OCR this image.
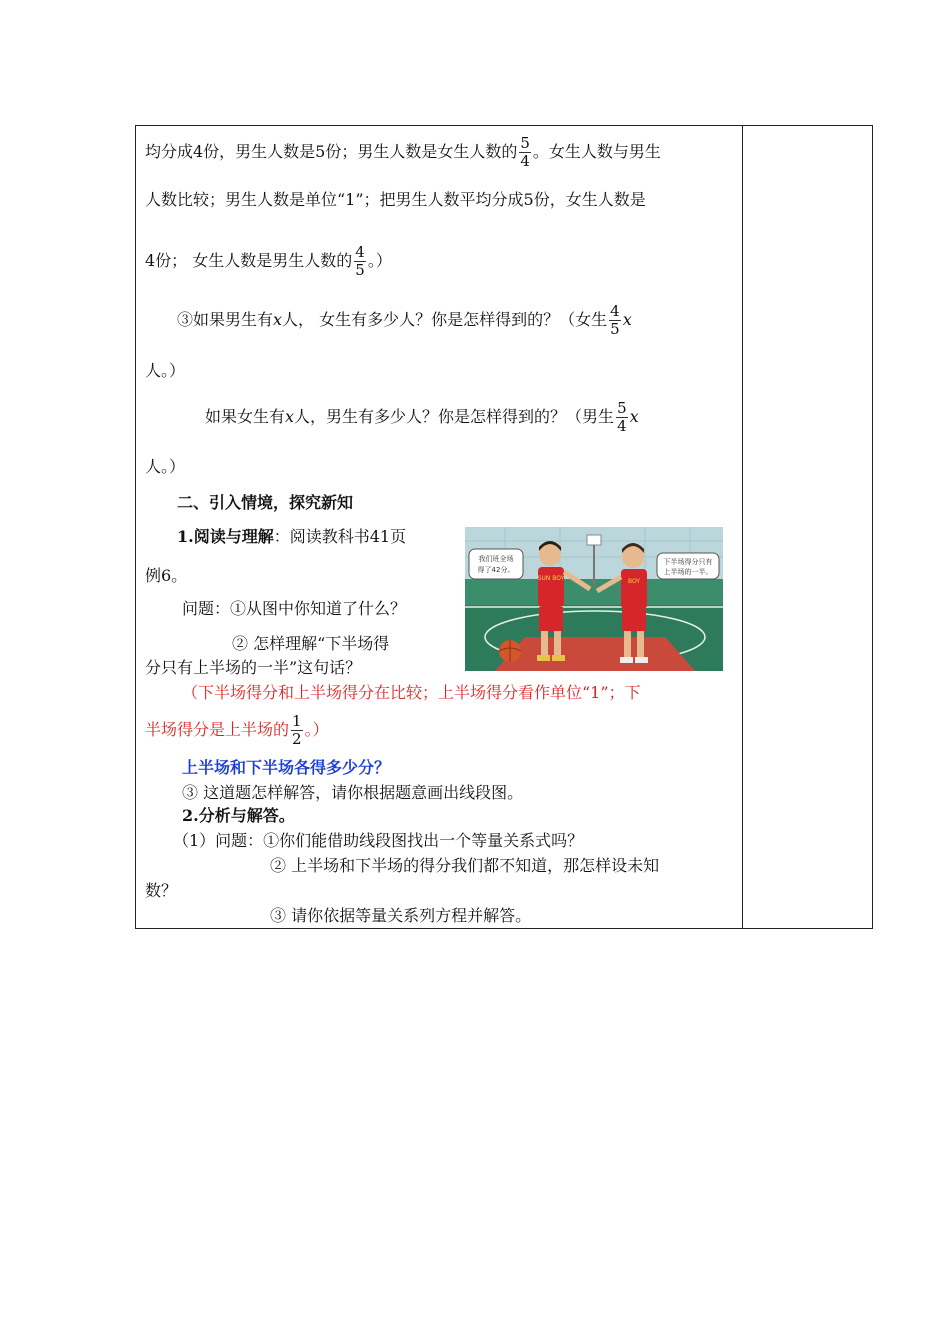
均分成4份，男生人数是5份；男生人数是女生人数的 $\frac{5}{4}$ 。女生人数与男生
人数比较；男生人数是单位“1”；把男生人数平均分成5份，女生人数是
4份； 女生人数是男生人数的 $\frac{4}{5}$ 。）
③如果男生有x人， 女生有多少人？你是怎样得到的？（女生 $\frac{4}{5}$ x
人。）
如果女生有x人，男生有多少人？你是怎样得到的？（男生 $\frac{5}{4}$ x
人。）
二、引入情境，探究新知
1.阅读与理解：阅读教科书41页
例6。
问题：①从图中你知道了什么？
② 怎样理解“下半场得
分只有上半场的一半”这句话？
我们班全场
得了42分。
下半场得分只有
上半场的一半。
SUN BOY	BOY
（下半场得分和上半场得分在比较；上半场得分看作单位“1”；下
半场得分是上半场的 $\frac{1}{2}$ 。）
上半场和下半场各得多少分？
③ 这道题怎样解答，请你根据题意画出线段图。
2.分析与解答。
（1）问题：①你们能借助线段图找出一个等量关系式吗？
② 上半场和下半场的得分我们都不知道，那怎样设未知
数？
③ 请你依据等量关系列方程并解答。
